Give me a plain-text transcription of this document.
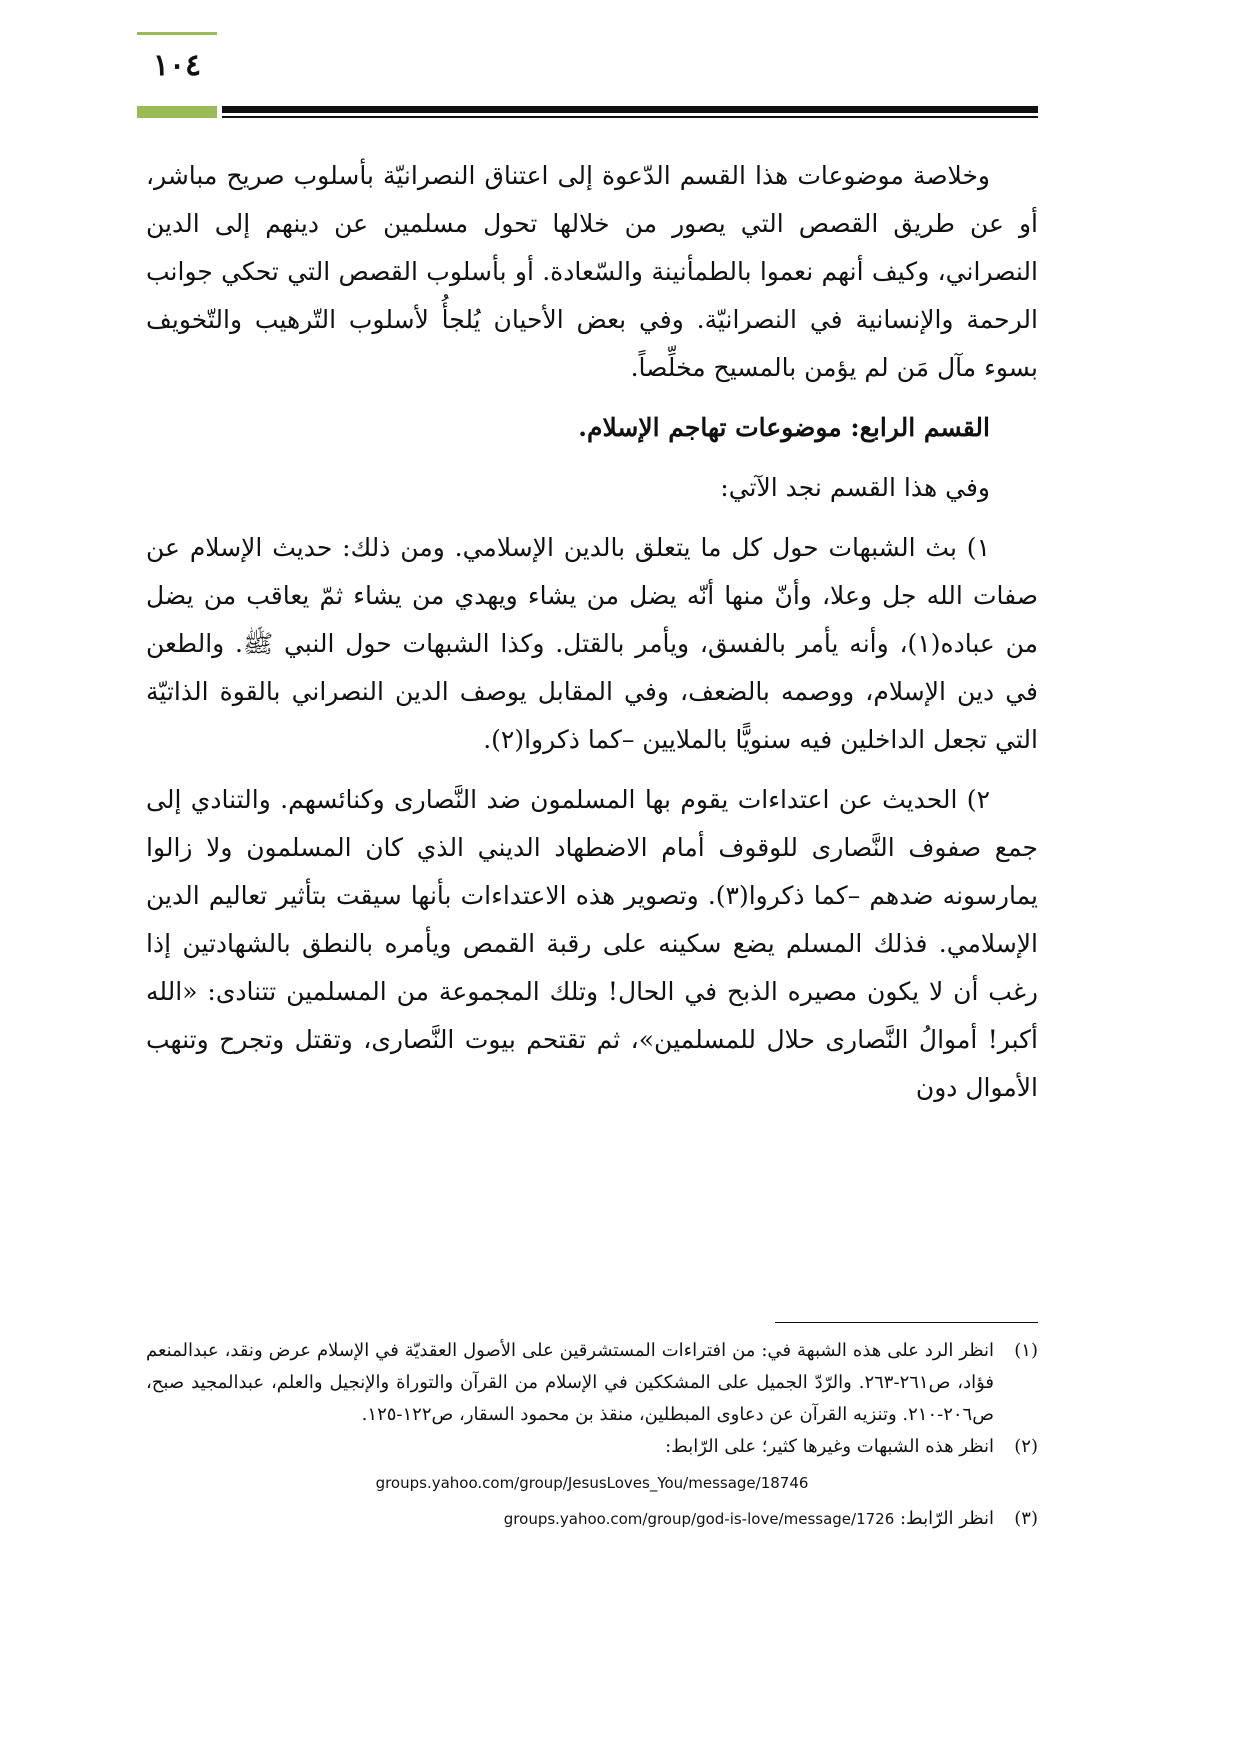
١٠٤

وخلاصة موضوعات هذا القسم الدّعوة إلى اعتناق النصرانيّة بأسلوب صريح مباشر، أو عن طريق القصص التي يصور من خلالها تحول مسلمين عن دينهم إلى الدين النصراني، وكيف أنهم نعموا بالطمأنينة والسّعادة. أو بأسلوب القصص التي تحكي جوانب الرحمة والإنسانية في النصرانيّة. وفي بعض الأحيان يُلجأُ لأسلوب التّرهيب والتّخويف بسوء مآل مَن لم يؤمن بالمسيح مخلِّصاً.

القسم الرابع: موضوعات تهاجم الإسلام.

وفي هذا القسم نجد الآتي:

١) بث الشبهات حول كل ما يتعلق بالدين الإسلامي. ومن ذلك: حديث الإسلام عن صفات الله جل وعلا، وأنّ منها أنّه يضل من يشاء ويهدي من يشاء ثمّ يعاقب من يضل من عباده(١)، وأنه يأمر بالفسق، ويأمر بالقتل. وكذا الشبهات حول النبي ﷺ. والطعن في دين الإسلام، ووصمه بالضعف، وفي المقابل يوصف الدين النصراني بالقوة الذاتيّة التي تجعل الداخلين فيه سنويًّا بالملايين –كما ذكروا(٢).

٢) الحديث عن اعتداءات يقوم بها المسلمون ضد النَّصارى وكنائسهم. والتنادي إلى جمع صفوف النَّصارى للوقوف أمام الاضطهاد الديني الذي كان المسلمون ولا زالوا يمارسونه ضدهم –كما ذكروا(٣). وتصوير هذه الاعتداءات بأنها سيقت بتأثير تعاليم الدين الإسلامي. فذلك المسلم يضع سكينه على رقبة القمص ويأمره بالنطق بالشهادتين إذا رغب أن لا يكون مصيره الذبح في الحال! وتلك المجموعة من المسلمين تتنادى: «الله أكبر! أموالُ النَّصارى حلال للمسلمين»، ثم تقتحم بيوت النَّصارى، وتقتل وتجرح وتنهب الأموال دون

(١)
انظر الرد على هذه الشبهة في: من افتراءات المستشرقين على الأصول العقديّة في الإسلام عرض ونقد، عبدالمنعم فؤاد، ص٢٦١-٢٦٣. والرّدّ الجميل على المشككين في الإسلام من القرآن والتوراة والإنجيل والعلم، عبدالمجيد صبح، ص٢٠٦-٢١٠. وتنزيه القرآن عن دعاوى المبطلين، منقذ بن محمود السقار، ص١٢٢-١٢٥.
(٢)
انظر هذه الشبهات وغيرها كثير؛ على الرّابط:
groups.yahoo.com/group/JesusLoves_You/message/18746
(٣)
انظر الرّابط: groups.yahoo.com/group/god-is-love/message/1726
